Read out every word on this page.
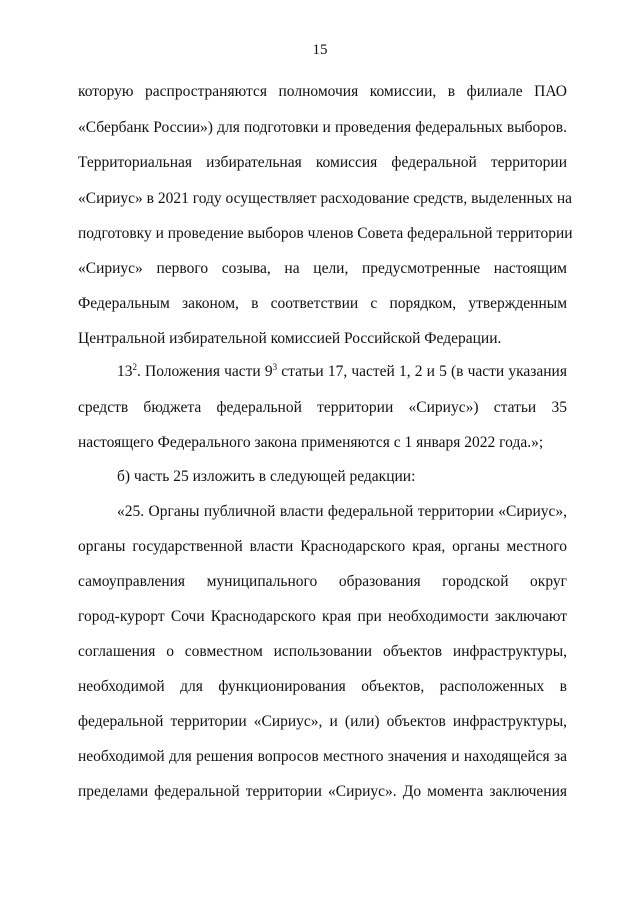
15
которую распространяются полномочия комиссии, в филиале ПАО
«Сбербанк России») для подготовки и проведения федеральных выборов.
Территориальная избирательная комиссия федеральной территории
«Сириус» в 2021 году осуществляет расходование средств, выделенных на
подготовку и проведение выборов членов Совета федеральной территории
«Сириус» первого созыва, на цели, предусмотренные настоящим
Федеральным законом, в соответствии с порядком, утвержденным
Центральной избирательной комиссией Российской Федерации.
$13^2$. Положения части $9^3$ статьи 17, частей 1, 2 и 5 (в части указания
средств бюджета федеральной территории «Сириус») статьи 35
настоящего Федерального закона применяются с 1 января 2022 года.»;
б) часть 25 изложить в следующей редакции:
«25. Органы публичной власти федеральной территории «Сириус»,
органы государственной власти Краснодарского края, органы местного
самоуправления муниципального образования городской округ
город-курорт Сочи Краснодарского края при необходимости заключают
соглашения о совместном использовании объектов инфраструктуры,
необходимой для функционирования объектов, расположенных в
федеральной территории «Сириус», и (или) объектов инфраструктуры,
необходимой для решения вопросов местного значения и находящейся за
пределами федеральной территории «Сириус». До момента заключения
